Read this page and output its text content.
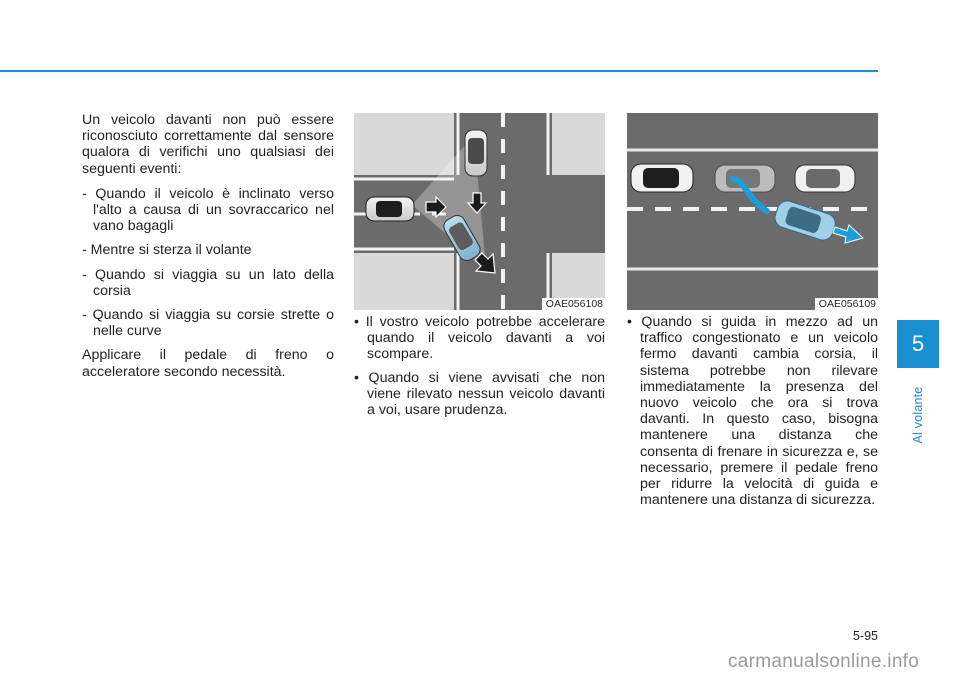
Un veicolo davanti non può essere riconosciuto correttamente dal sensore qualora di verifichi uno qualsiasi dei seguenti eventi:

- Quando il veicolo è inclinato verso l'alto a causa di un sovraccarico nel vano bagagli
- Mentre si sterza il volante
- Quando si viaggia su un lato della corsia
- Quando si viaggia su corsie strette o nelle curve

Applicare il pedale di freno o acceleratore secondo necessità.

OAE056108	OAE056109
• Il vostro veicolo potrebbe accelerare quando il veicolo davanti a voi scompare.
• Quando si viene avvisati che non viene rilevato nessun veicolo davanti a voi, usare prudenza.
• Quando si guida in mezzo ad un traffico congestionato e un veicolo fermo davanti cambia corsia, il sistema potrebbe non rilevare immediatamente la presenza del nuovo veicolo che ora si trova davanti. In questo caso, bisogna mantenere una distanza che consenta di frenare in sicurezza e, se necessario, premere il pedale freno per ridurre la velocità di guida e mantenere una distanza di sicurezza.
5
Al volante
5-95
carmanualsonline.info
